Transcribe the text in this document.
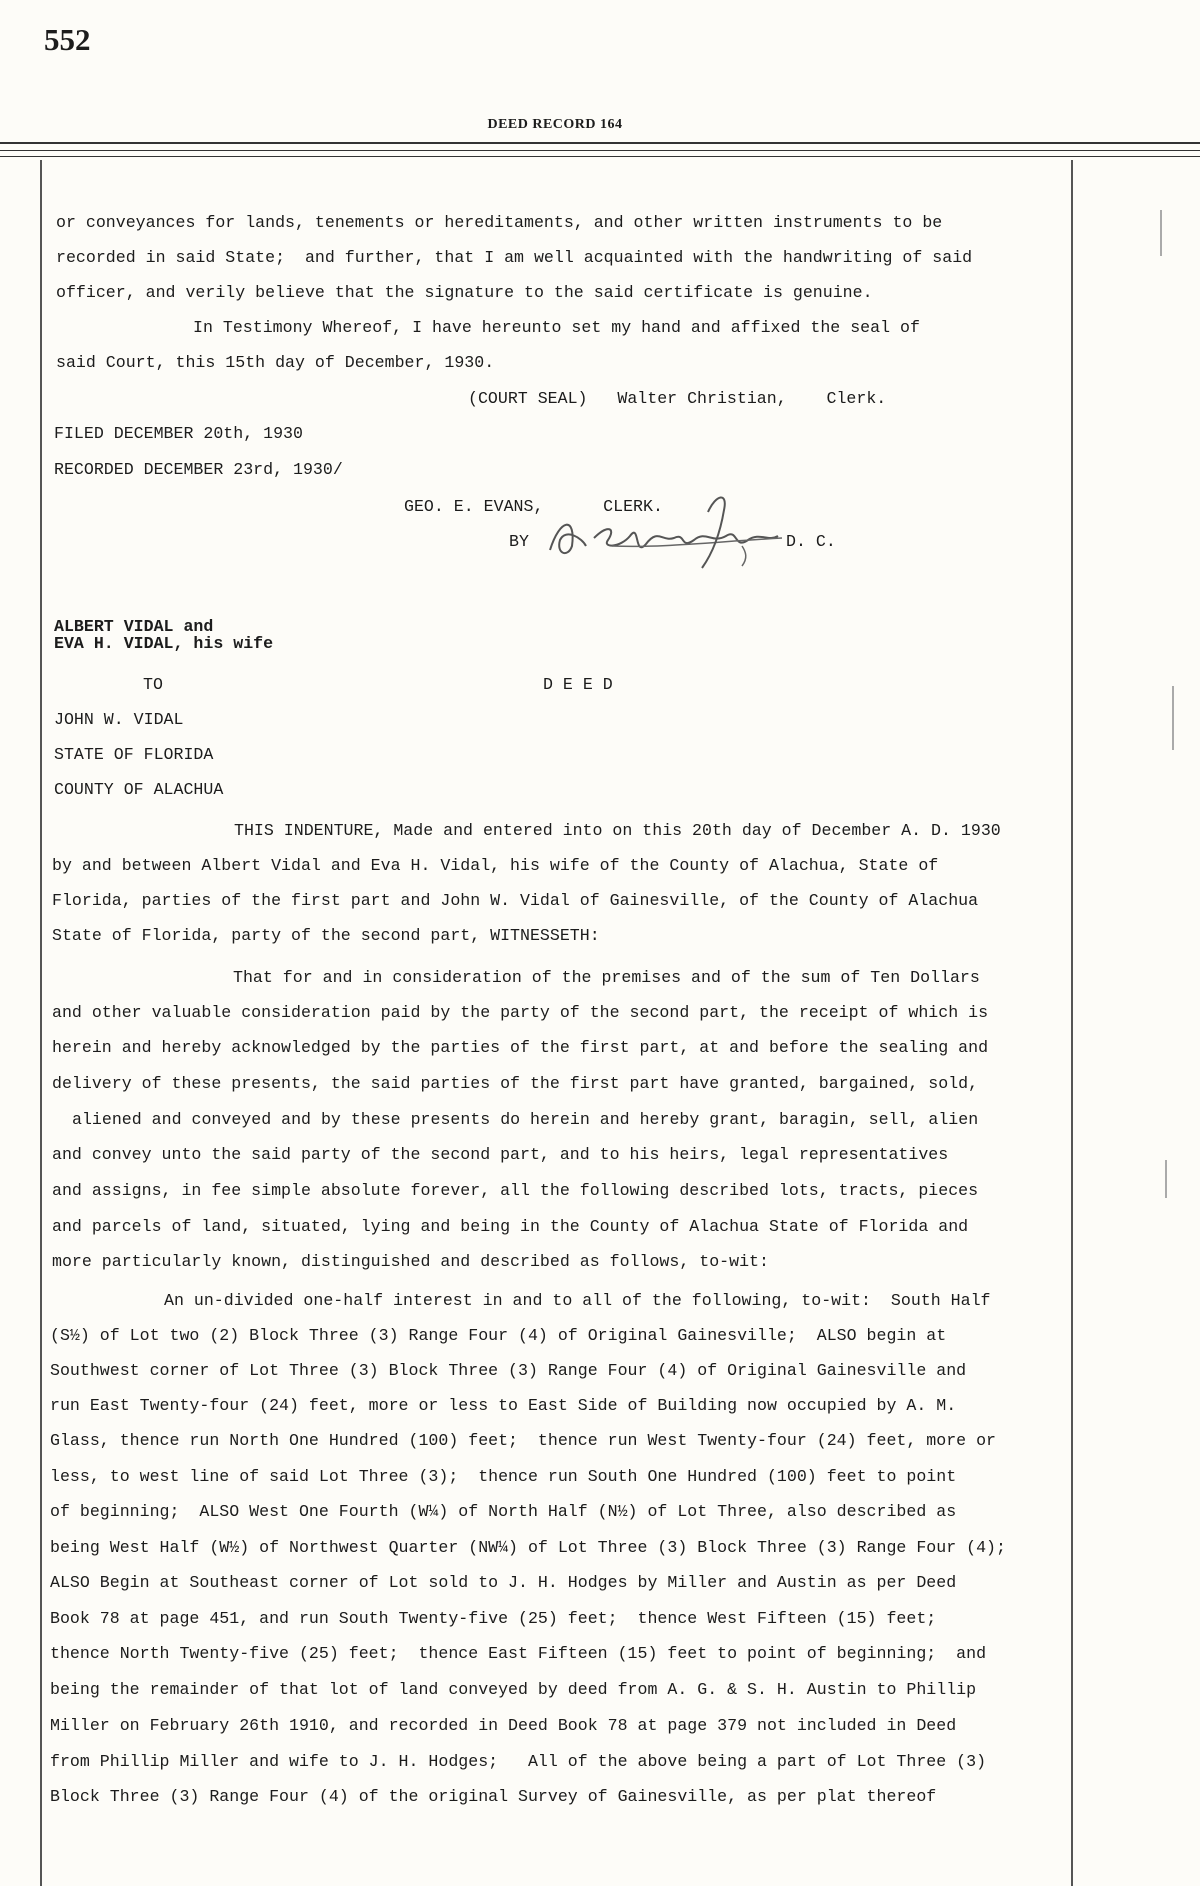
552
DEED RECORD 164
or conveyances for lands, tenements or hereditaments, and other written instruments to be
recorded in said State;  and further, that I am well acquainted with the handwriting of said
officer, and verily believe that the signature to the said certificate is genuine.
In Testimony Whereof, I have hereunto set my hand and affixed the seal of
said Court, this 15th day of December, 1930.
(COURT SEAL)   Walter Christian,    Clerk.
FILED DECEMBER 20th, 1930
RECORDED DECEMBER 23rd, 1930/
GEO. E. EVANS,      CLERK.
BY	D. C.
ALBERT VIDAL and
EVA H. VIDAL, his wife
TO	D E E D
JOHN W. VIDAL
STATE OF FLORIDA
COUNTY OF ALACHUA
THIS INDENTURE, Made and entered into on this 20th day of December A. D. 1930
by and between Albert Vidal and Eva H. Vidal, his wife of the County of Alachua, State of
Florida, parties of the first part and John W. Vidal of Gainesville, of the County of Alachua
State of Florida, party of the second part, WITNESSETH:
That for and in consideration of the premises and of the sum of Ten Dollars
and other valuable consideration paid by the party of the second part, the receipt of which is
herein and hereby acknowledged by the parties of the first part, at and before the sealing and
delivery of these presents, the said parties of the first part have granted, bargained, sold,
aliened and conveyed and by these presents do herein and hereby grant, baragin, sell, alien
and convey unto the said party of the second part, and to his heirs, legal representatives
and assigns, in fee simple absolute forever, all the following described lots, tracts, pieces
and parcels of land, situated, lying and being in the County of Alachua State of Florida and
more particularly known, distinguished and described as follows, to-wit:
An un-divided one-half interest in and to all of the following, to-wit:  South Half
(S½) of Lot two (2) Block Three (3) Range Four (4) of Original Gainesville;  ALSO begin at
Southwest corner of Lot Three (3) Block Three (3) Range Four (4) of Original Gainesville and
run East Twenty-four (24) feet, more or less to East Side of Building now occupied by A. M.
Glass, thence run North One Hundred (100) feet;  thence run West Twenty-four (24) feet, more or
less, to west line of said Lot Three (3);  thence run South One Hundred (100) feet to point
of beginning;  ALSO West One Fourth (W¼) of North Half (N½) of Lot Three, also described as
being West Half (W½) of Northwest Quarter (NW¼) of Lot Three (3) Block Three (3) Range Four (4);
ALSO Begin at Southeast corner of Lot sold to J. H. Hodges by Miller and Austin as per Deed
Book 78 at page 451, and run South Twenty-five (25) feet;  thence West Fifteen (15) feet;
thence North Twenty-five (25) feet;  thence East Fifteen (15) feet to point of beginning;  and
being the remainder of that lot of land conveyed by deed from A. G. & S. H. Austin to Phillip
Miller on February 26th 1910, and recorded in Deed Book 78 at page 379 not included in Deed
from Phillip Miller and wife to J. H. Hodges;   All of the above being a part of Lot Three (3)
Block Three (3) Range Four (4) of the original Survey of Gainesville, as per plat thereof
